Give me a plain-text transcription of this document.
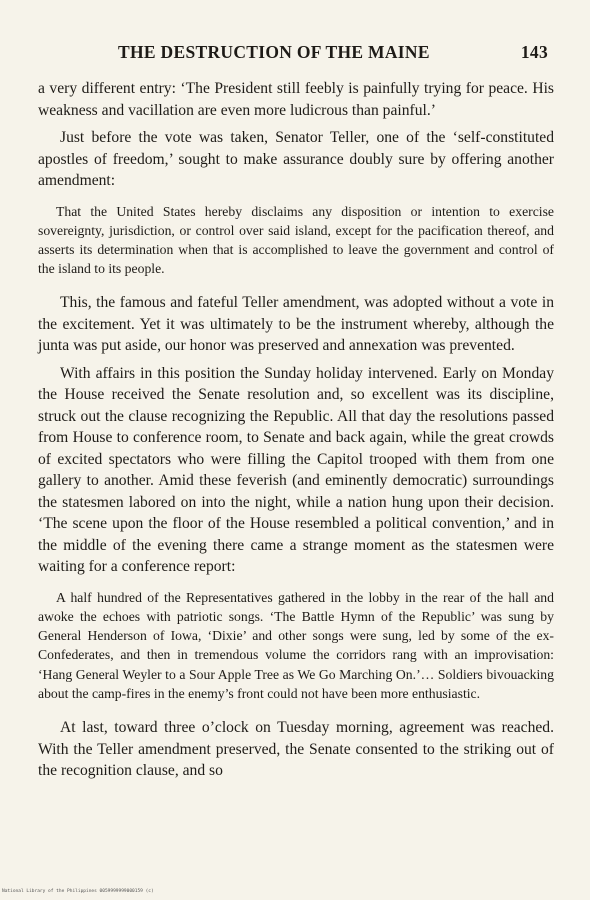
THE DESTRUCTION OF THE MAINE	143

a very different entry: ‘The President still feebly is painfully trying for peace. His weakness and vacillation are even more ludicrous than painful.’

Just before the vote was taken, Senator Teller, one of the ‘self-constituted apostles of freedom,’ sought to make assurance doubly sure by offering another amendment:

That the United States hereby disclaims any disposition or intention to exercise sovereignty, jurisdiction, or control over said island, except for the pacification thereof, and asserts its determination when that is accomplished to leave the government and control of the island to its people.

This, the famous and fateful Teller amendment, was adopted without a vote in the excitement. Yet it was ultimately to be the instrument whereby, although the junta was put aside, our honor was preserved and annexation was prevented.

With affairs in this position the Sunday holiday intervened. Early on Monday the House received the Senate resolution and, so excellent was its discipline, struck out the clause recognizing the Republic. All that day the resolutions passed from House to conference room, to Senate and back again, while the great crowds of excited spectators who were filling the Capitol trooped with them from one gallery to another. Amid these feverish (and eminently democratic) surroundings the statesmen labored on into the night, while a nation hung upon their decision. ‘The scene upon the floor of the House resembled a political convention,’ and in the middle of the evening there came a strange moment as the statesmen were waiting for a conference report:

A half hundred of the Representatives gathered in the lobby in the rear of the hall and awoke the echoes with patriotic songs. ‘The Battle Hymn of the Republic’ was sung by General Henderson of Iowa, ‘Dixie’ and other songs were sung, led by some of the ex-Confederates, and then in tremendous volume the corridors rang with an improvisation: ‘Hang General Weyler to a Sour Apple Tree as We Go Marching On.’… Soldiers bivouacking about the camp-fires in the enemy’s front could not have been more enthusiastic.

At last, toward three o’clock on Tuesday morning, agreement was reached. With the Teller amendment preserved, the Senate consented to the striking out of the recognition clause, and so

National Library of the Philippines 0059999999000159 (c)
